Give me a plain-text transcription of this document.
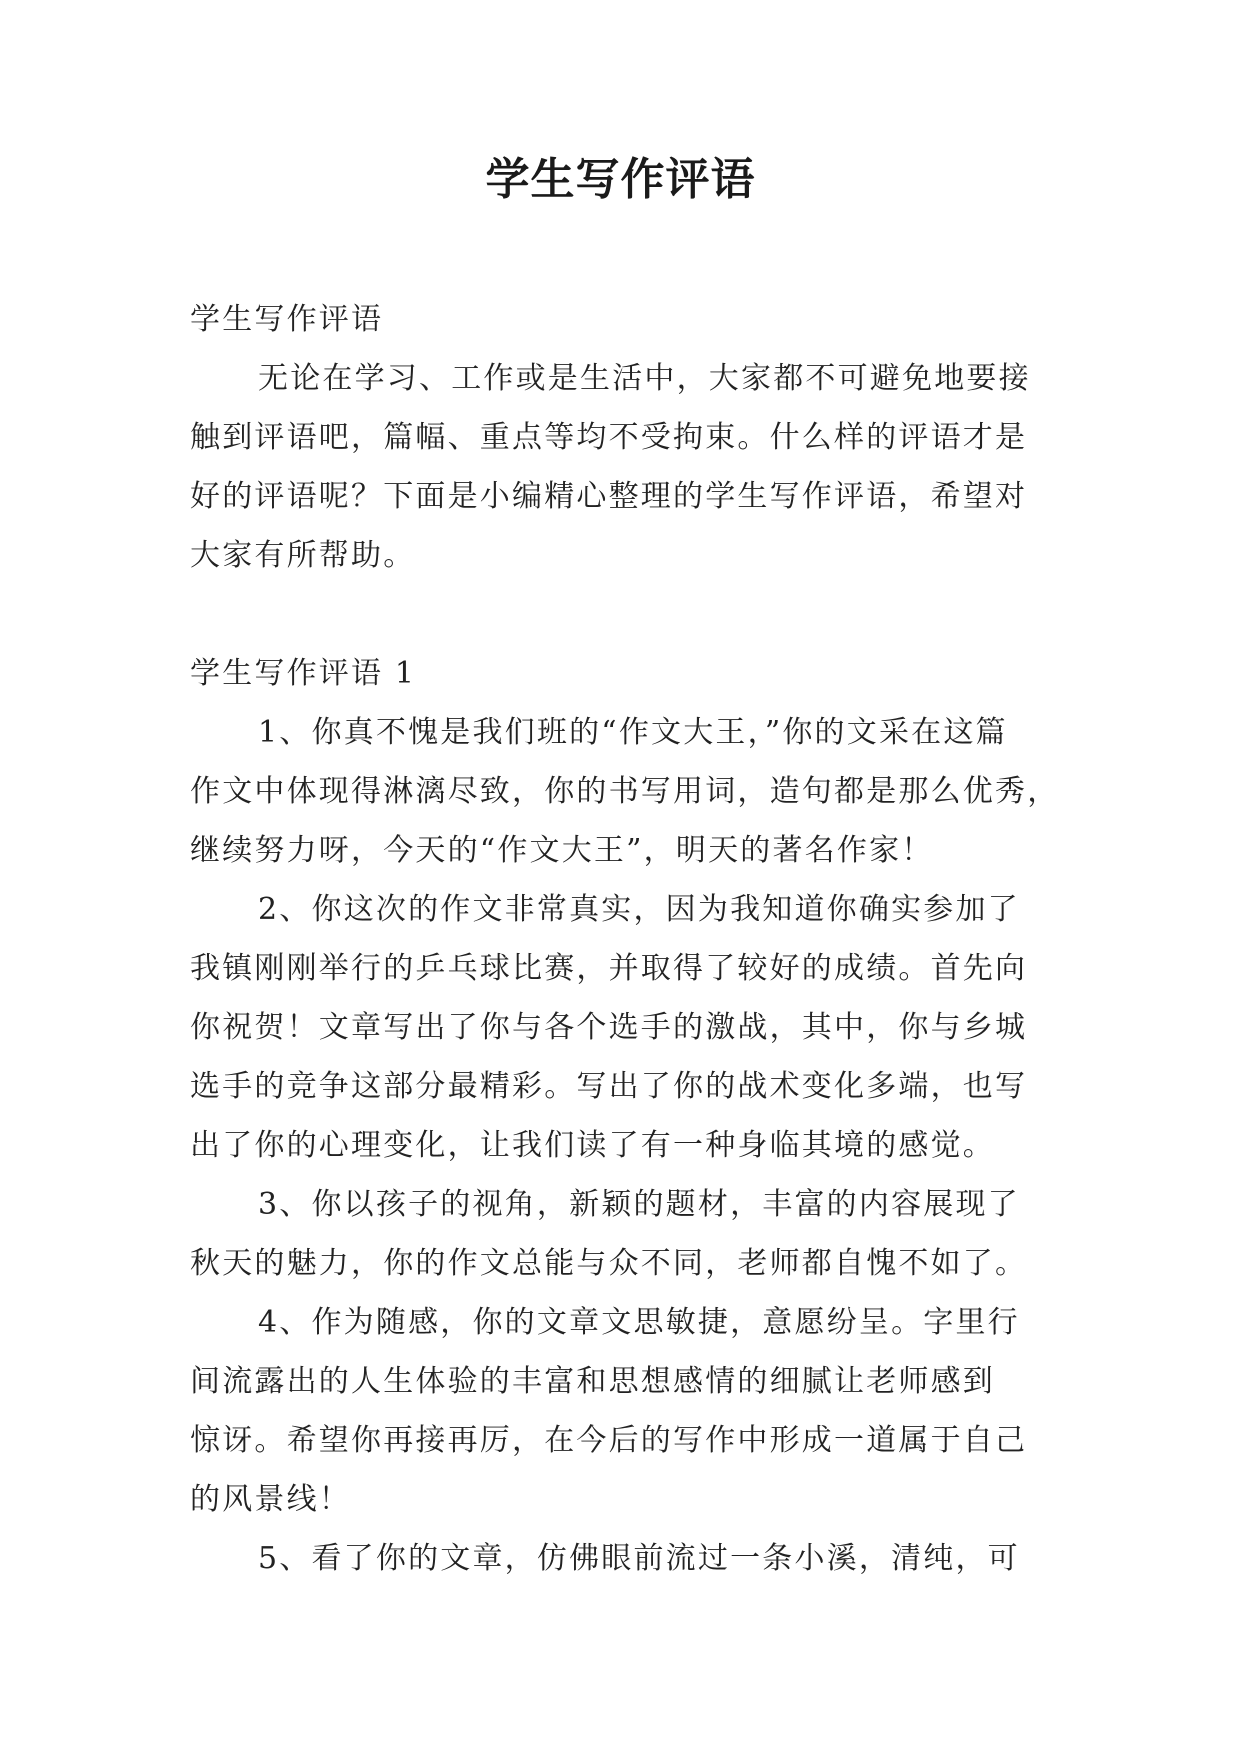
学生写作评语
学生写作评语
无论在学习、工作或是生活中，大家都不可避免地要接
触到评语吧，篇幅、重点等均不受拘束。什么样的评语才是
好的评语呢？下面是小编精心整理的学生写作评语，希望对
大家有所帮助。
学生写作评语 1
1、你真不愧是我们班的“作文大王，”你的文采在这篇
作文中体现得淋漓尽致，你的书写用词，造句都是那么优秀，
继续努力呀，今天的“作文大王”，明天的著名作家！
2、你这次的作文非常真实，因为我知道你确实参加了
我镇刚刚举行的乒乓球比赛，并取得了较好的成绩。首先向
你祝贺！文章写出了你与各个选手的激战，其中，你与乡城
选手的竞争这部分最精彩。写出了你的战术变化多端，也写
出了你的心理变化，让我们读了有一种身临其境的感觉。
3、你以孩子的视角，新颖的题材，丰富的内容展现了
秋天的魅力，你的作文总能与众不同，老师都自愧不如了。
4、作为随感，你的文章文思敏捷，意愿纷呈。字里行
间流露出的人生体验的丰富和思想感情的细腻让老师感到
惊讶。希望你再接再厉，在今后的写作中形成一道属于自己
的风景线！
5、看了你的文章，仿佛眼前流过一条小溪，清纯，可
